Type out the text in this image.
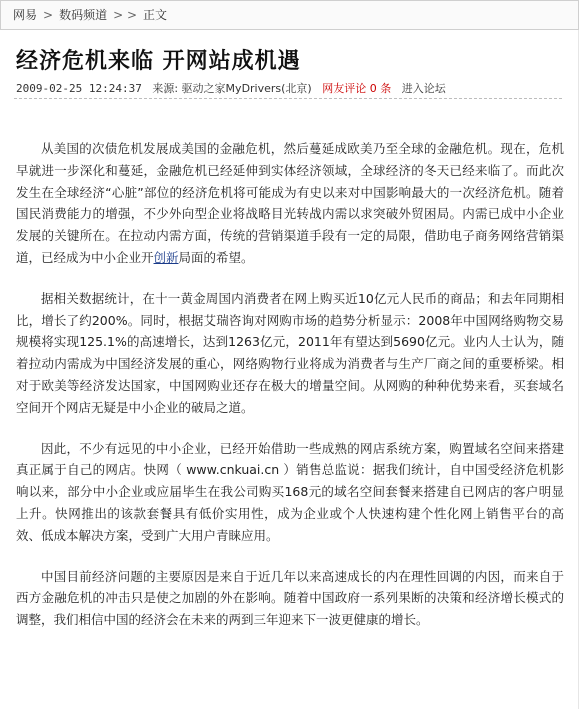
网易 > 数码频道 > > 正文
经济危机来临 开网站成机遇
2009-02-25 12:24:37 来源: 驱动之家MyDrivers(北京) 网友评论 0 条 进入论坛

从美国的次债危机发展成美国的金融危机，然后蔓延成欧美乃至全球的金融危机。现在，危机早就进一步深化和蔓延，金融危机已经延伸到实体经济领域，全球经济的冬天已经来临了。而此次发生在全球经济“心脏”部位的经济危机将可能成为有史以来对中国影响最大的一次经济危机。随着国民消费能力的增强，不少外向型企业将战略目光转战内需以求突破外贸困局。内需已成中小企业发展的关键所在。在拉动内需方面，传统的营销渠道手段有一定的局限，借助电子商务网络营销渠道，已经成为中小企业开创新局面的希望。

据相关数据统计，在十一黄金周国内消费者在网上购买近10亿元人民币的商品；和去年同期相比，增长了约200%。同时，根据艾瑞咨询对网购市场的趋势分析显示：2008年中国网络购物交易规模将实现125.1%的高速增长，达到1263亿元，2011年有望达到5690亿元。业内人士认为，随着拉动内需成为中国经济发展的重心，网络购物行业将成为消费者与生产厂商之间的重要桥梁。相对于欧美等经济发达国家，中国网购业还存在极大的增量空间。从网购的种种优势来看，买套域名空间开个网店无疑是中小企业的破局之道。

因此，不少有远见的中小企业，已经开始借助一些成熟的网店系统方案，购置域名空间来搭建真正属于自己的网店。快网（ www.cnkuai.cn ）销售总监说：据我们统计，自中国受经济危机影响以来，部分中小企业或应届毕生在我公司购买168元的域名空间套餐来搭建自已网店的客户明显上升。快网推出的该款套餐具有低价实用性，成为企业或个人快速构建个性化网上销售平台的高效、低成本解决方案，受到广大用户青睐应用。

中国目前经济问题的主要原因是来自于近几年以来高速成长的内在理性回调的内因，而来自于西方金融危机的冲击只是使之加剧的外在影响。随着中国政府一系列果断的决策和经济增长模式的调整，我们相信中国的经济会在未来的两到三年迎来下一波更健康的增长。
